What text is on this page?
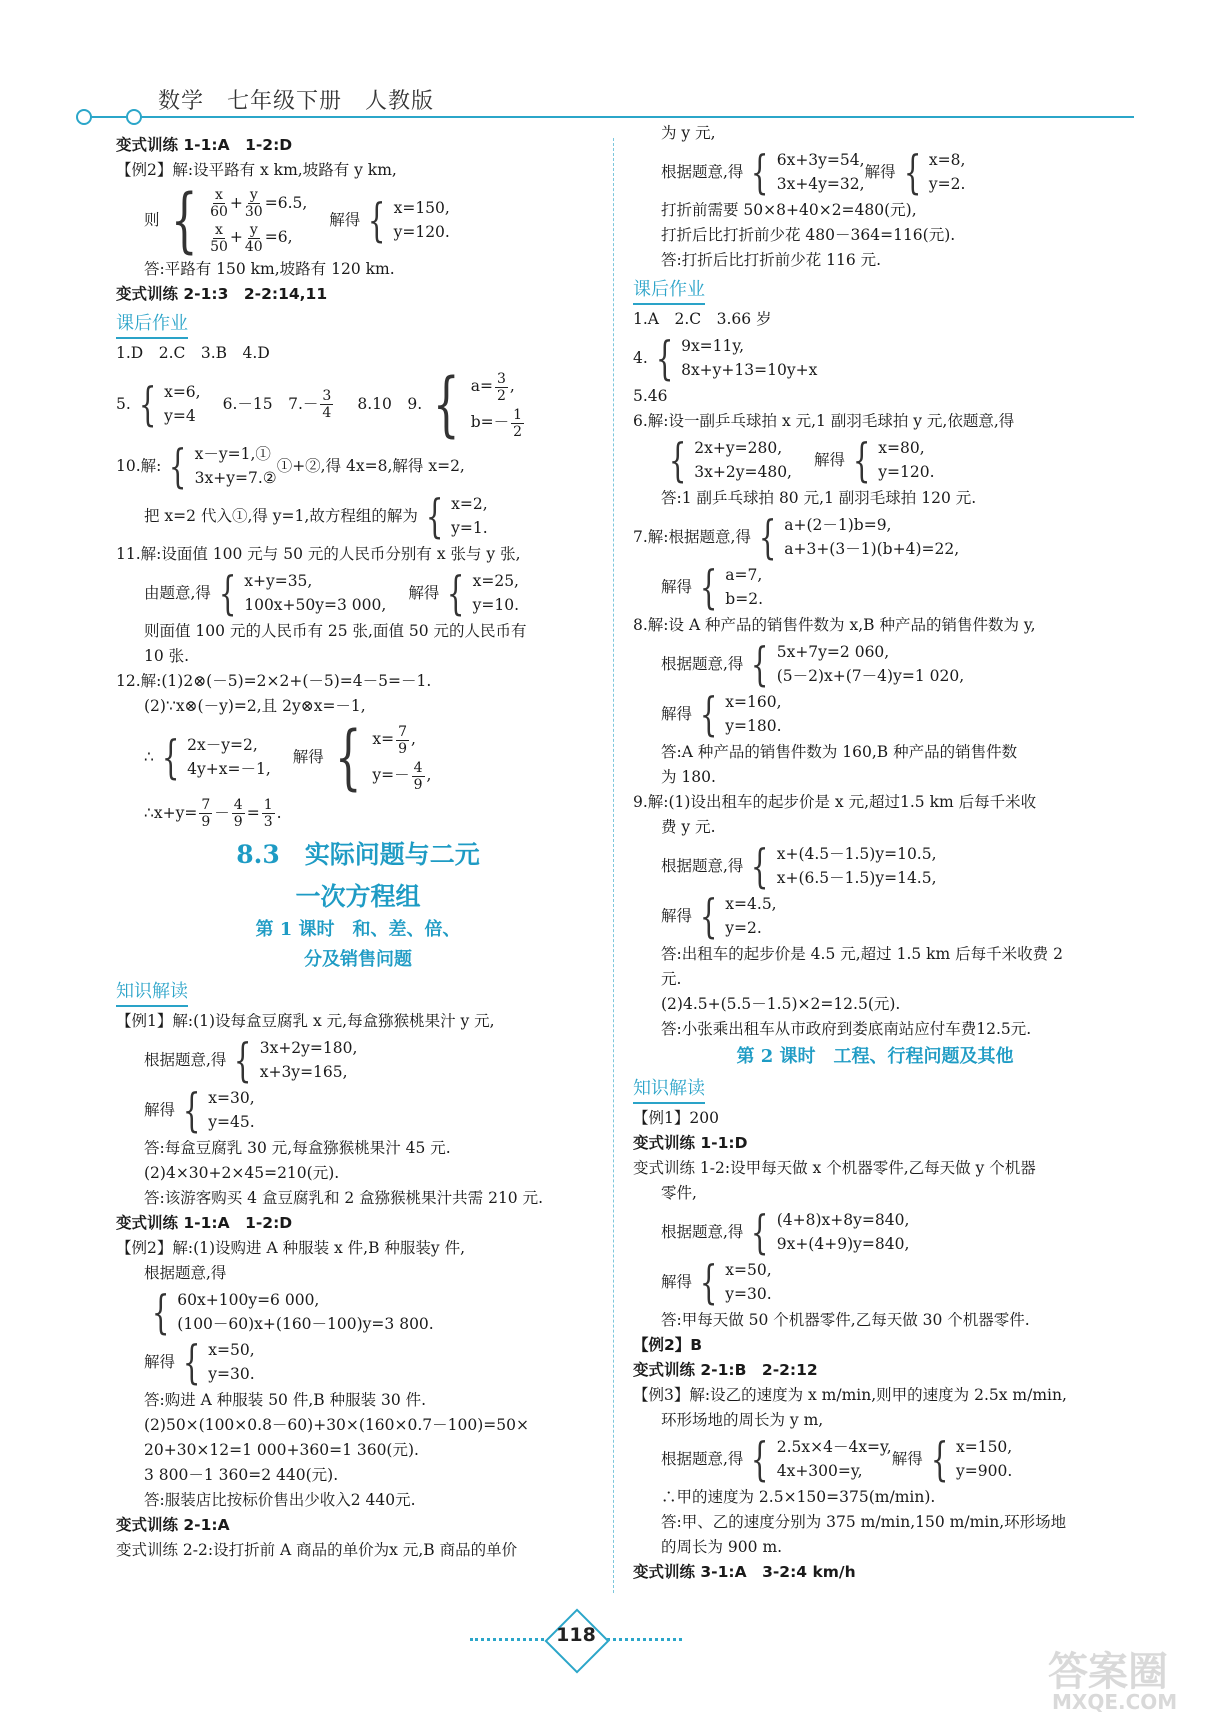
数学　七年级下册　人教版
变式训练 1-1:A　1-2:D
【例2】解:设平路有 x km,坡路有 y km,
则 { $\frac{x}{60} + \frac{y}{30} =6.5$,
$\frac{x}{50} + \frac{y}{40} =6$,
解得 { x=150,
y=120.
答:平路有 150 km,坡路有 120 km.
变式训练 2-1:3　2-2:14,11
课后作业
1.D　2.C　3.B　4.D
5. { x=6,
y=4
6.－15　$7.- \frac{3}{4} 8.10$　9. { $a= \frac{3}{2}$ ,
$b=- \frac{1}{2}$
10.解: { x－y=1,①
3x+y=7.②
①+②,得 4x=8,解得 x=2,
把 x=2 代入①,得 y=1,故方程组的解为 { x=2,
y=1.
11.解:设面值 100 元与 50 元的人民币分别有 x 张与 y 张,
由题意,得 { x+y=35,
100x+50y=3 000,
解得 { x=25,
y=10.
则面值 100 元的人民币有 25 张,面值 50 元的人民币有
10 张.
12.解:(1)2⊗(－5)=2×2+(－5)=4－5=－1.
(2)∵x⊗(－y)=2,且 2y⊗x=－1,
∴ { 2x－y=2,
4y+x=－1,
解得 { $x= \frac{7}{9}$ ,
$y=- \frac{4}{9}$ ,
∴x+y= $\frac{7}{9} - \frac{4}{9} = \frac{1}{3}$ .
8.3　实际问题与二元
一次方程组
第 1 课时　和、差、倍、
分及销售问题
知识解读
【例1】解:(1)设每盒豆腐乳 x 元,每盒猕猴桃果汁 y 元,
根据题意,得 { 3x+2y=180,
x+3y=165,
解得 { x=30,
y=45.
答:每盒豆腐乳 30 元,每盒猕猴桃果汁 45 元.
(2)4×30+2×45=210(元).
答:该游客购买 4 盒豆腐乳和 2 盒猕猴桃果汁共需 210 元.
变式训练 1-1:A　1-2:D
【例2】解:(1)设购进 A 种服装 x 件,B 种服装y 件,
根据题意,得
{ 60x+100y=6 000,
(100－60)x+(160－100)y=3 800.
解得 { x=50,
y=30.
答:购进 A 种服装 50 件,B 种服装 30 件.
(2)50×(100×0.8－60)+30×(160×0.7－100)=50×
20+30×12=1 000+360=1 360(元).
3 800－1 360=2 440(元).
答:服装店比按标价售出少收入2 440元.
变式训练 2-1:A
变式训练 2-2:设打折前 A 商品的单价为x 元,B 商品的单价
为 y 元,
根据题意,得 { 6x+3y=54,
3x+4y=32,
解得 { x=8,
y=2.
打折前需要 50×8+40×2=480(元),
打折后比打折前少花 480－364=116(元).
答:打折后比打折前少花 116 元.
课后作业
1.A　2.C　3.66 岁
4. { 9x=11y,
8x+y+13=10y+x
5.46
6.解:设一副乒乓球拍 x 元,1 副羽毛球拍 y 元,依题意,得
{ 2x+y=280,
3x+2y=480,
解得 { x=80,
y=120.
答:1 副乒乓球拍 80 元,1 副羽毛球拍 120 元.
7.解:根据题意,得 { a+(2－1)b=9,
a+3+(3－1)(b+4)=22,
解得 { a=7,
b=2.
8.解:设 A 种产品的销售件数为 x,B 种产品的销售件数为 y,
根据题意,得 { 5x+7y=2 060,
(5－2)x+(7－4)y=1 020,
解得 { x=160,
y=180.
答:A 种产品的销售件数为 160,B 种产品的销售件数
为 180.
9.解:(1)设出租车的起步价是 x 元,超过1.5 km 后每千米收
费 y 元.
根据题意,得 { x+(4.5－1.5)y=10.5,
x+(6.5－1.5)y=14.5,
解得 { x=4.5,
y=2.
答:出租车的起步价是 4.5 元,超过 1.5 km 后每千米收费 2
元.
(2)4.5+(5.5－1.5)×2=12.5(元).
答:小张乘出租车从市政府到娄底南站应付车费12.5元.
第 2 课时　工程、行程问题及其他
知识解读
【例1】200
变式训练 1-1:D
变式训练 1-2:设甲每天做 x 个机器零件,乙每天做 y 个机器
零件,
根据题意,得 { (4+8)x+8y=840,
9x+(4+9)y=840,
解得 { x=50,
y=30.
答:甲每天做 50 个机器零件,乙每天做 30 个机器零件.
【例2】B
变式训练 2-1:B　2-2:12
【例3】解:设乙的速度为 x m/min,则甲的速度为 2.5x m/min,
环形场地的周长为 y m,
根据题意,得 { 2.5x×4－4x=y,
4x+300=y,
解得 { x=150,
y=900.
∴甲的速度为 2.5×150=375(m/min).
答:甲、乙的速度分别为 375 m/min,150 m/min,环形场地
的周长为 900 m.
变式训练 3-1:A　3-2:4 km/h
118
答案圈
MXQE.COM
